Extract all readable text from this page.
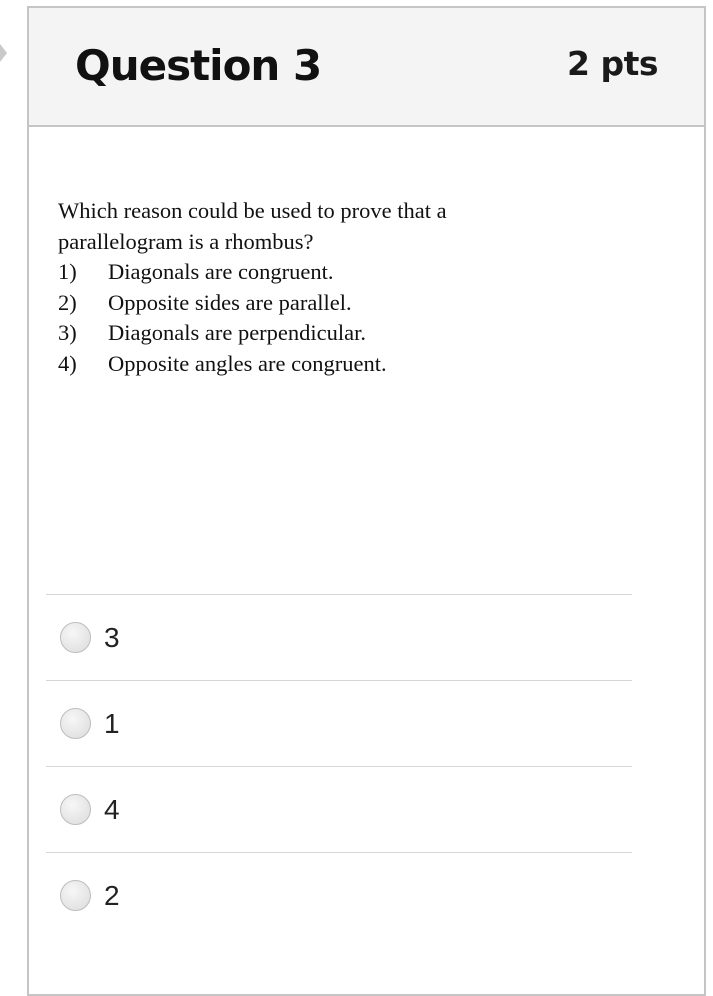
Question 3	2 pts
Which reason could be used to prove that a
parallelogram is a rhombus?
1)	Diagonals are congruent.
2)	Opposite sides are parallel.
3)	Diagonals are perpendicular.
4)	Opposite angles are congruent.
3
1
4
2
